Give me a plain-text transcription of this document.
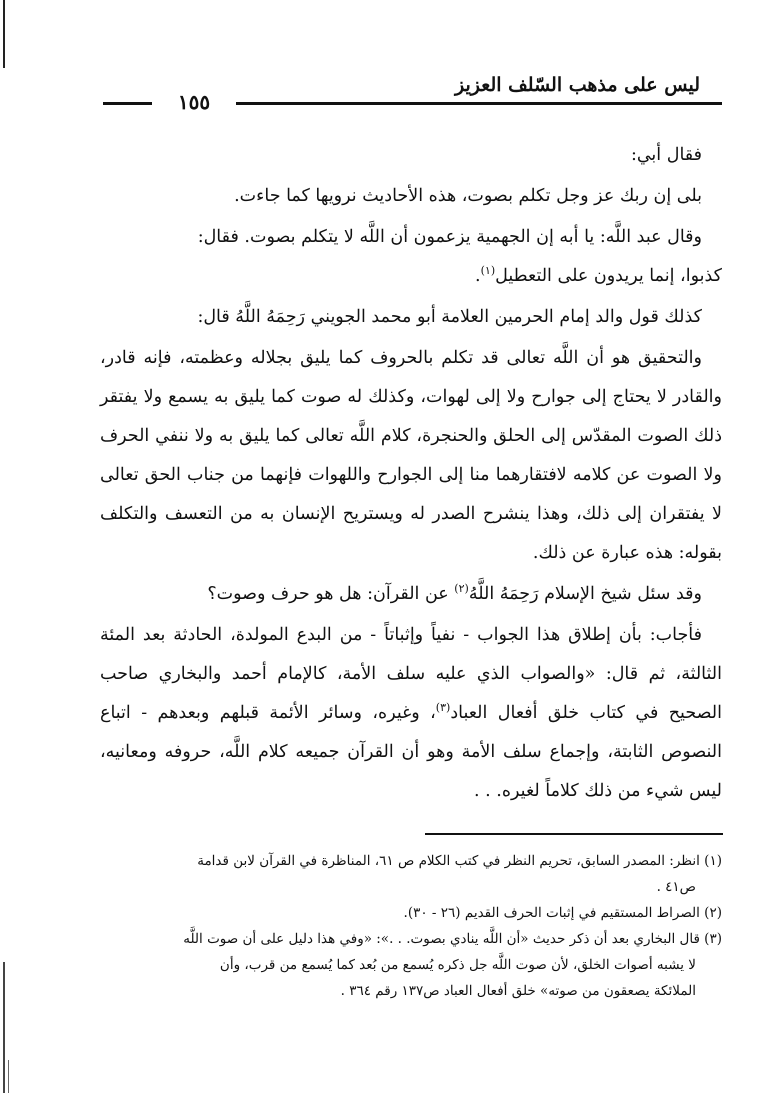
ليس على مذهب السّلف العزيز
١٥٥

فقال أبي:

بلى إن ربك عز وجل تكلم بصوت، هذه الأحاديث نرويها كما جاءت.

وقال عبد اللَّه: يا أبه إن الجهمية يزعمون أن اللَّه لا يتكلم بصوت. فقال:

كذبوا، إنما يريدون على التعطيل$^{(١)}$.

كذلك قول والد إمام الحرمين العلامة أبو محمد الجويني رَحِمَهُ اللَّهُ قال:

والتحقيق هو أن اللَّه تعالى قد تكلم بالحروف كما يليق بجلاله وعظمته، فإنه قادر، والقادر لا يحتاج إلى جوارح ولا إلى لهوات، وكذلك له صوت كما يليق به يسمع ولا يفتقر ذلك الصوت المقدّس إلى الحلق والحنجرة، كلام اللَّه تعالى كما يليق به ولا ننفي الحرف ولا الصوت عن كلامه لافتقارهما منا إلى الجوارح واللهوات فإنهما من جناب الحق تعالى لا يفتقران إلى ذلك، وهذا ينشرح الصدر له ويستريح الإنسان به من التعسف والتكلف بقوله: هذه عبارة عن ذلك.

وقد سئل شيخ الإسلام رَحِمَهُ اللَّهُ$^{(٢)}$ عن القرآن: هل هو حرف وصوت؟

فأجاب: بأن إطلاق هذا الجواب - نفياً وإثباتاً - من البدع المولدة، الحادثة بعد المئة الثالثة، ثم قال: «والصواب الذي عليه سلف الأمة، كالإمام أحمد والبخاري صاحب الصحيح في كتاب خلق أفعال العباد$^{(٣)}$، وغيره، وسائر الأئمة قبلهم وبعدهم - اتباع النصوص الثابتة، وإجماع سلف الأمة وهو أن القرآن جميعه كلام اللَّه، حروفه ومعانيه، ليس شيء من ذلك كلاماً لغيره. . .

(١) انظر: المصدر السابق، تحريم النظر في كتب الكلام ص ٦١، المناظرة في القرآن لابن قدامة

ص٤١ .

(٢) الصراط المستقيم في إثبات الحرف القديم (٢٦ - ٣٠).

(٣) قال البخاري بعد أن ذكر حديث «أن اللَّه ينادي بصوت. . .»: «وفي هذا دليل على أن صوت اللَّه

لا يشبه أصوات الخلق، لأن صوت اللَّه جل ذكره يُسمع من بُعد كما يُسمع من قرب، وأن

الملائكة يصعقون من صوته» خلق أفعال العباد ص١٣٧ رقم ٣٦٤ .
